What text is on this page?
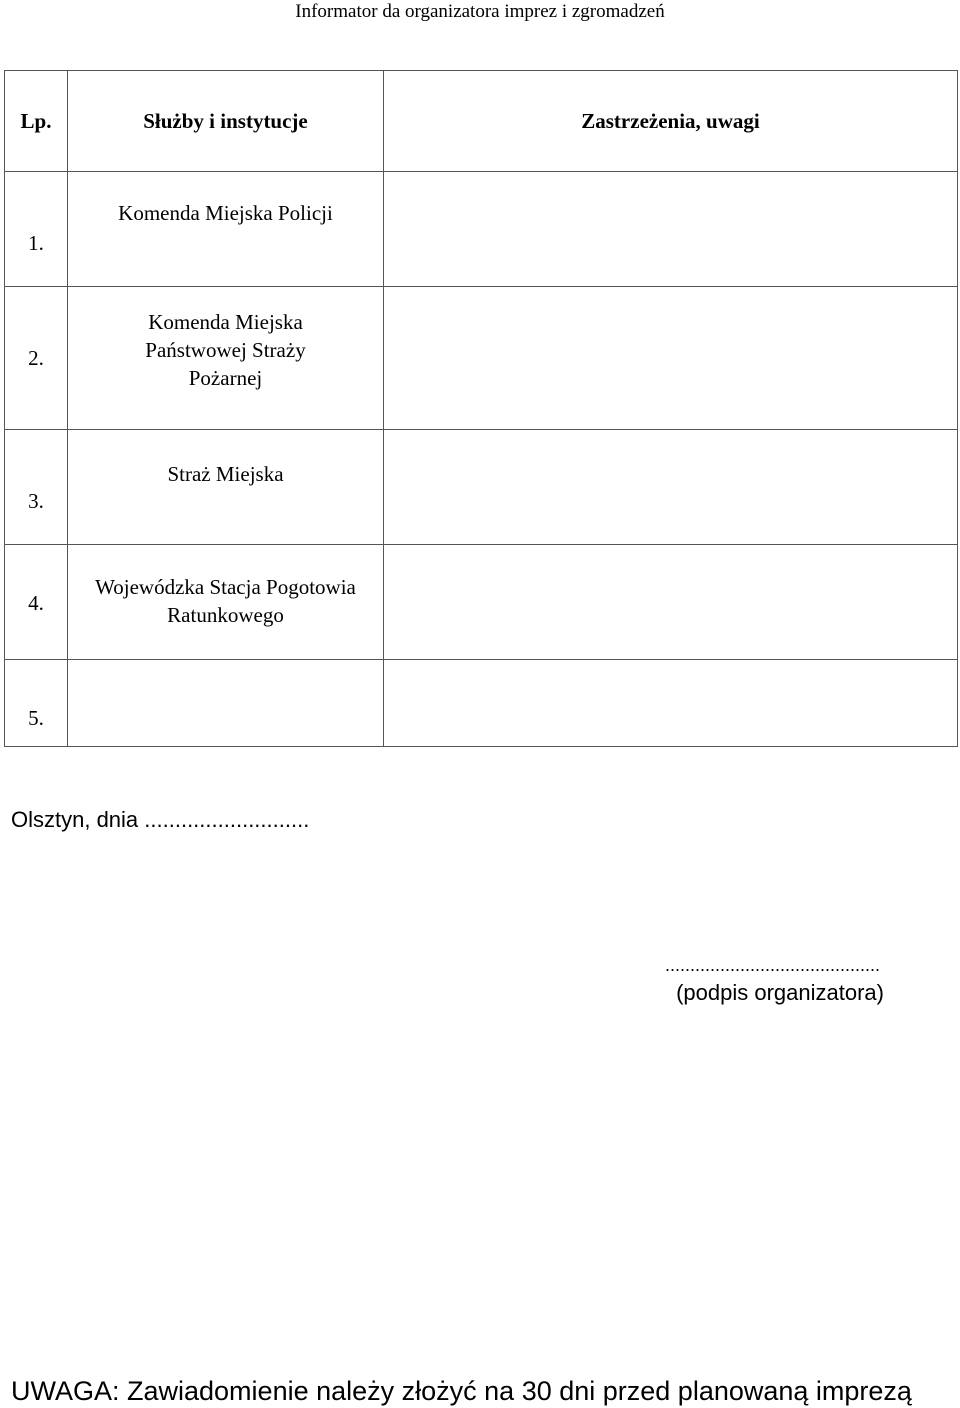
Informator da organizatora imprez i zgromadzeń
Lp.	Służby i instytucje	Zastrzeżenia, uwagi

1.	Komenda Miejska Policji	

2.	Komenda Miejska Państwowej Straży Pożarnej	

3.	Straż Miejska	

4.	Wojewódzka Stacja Pogotowia Ratunkowego	

5.		

Olsztyn, dnia ...........................
...........................................
(podpis organizatora)
UWAGA: Zawiadomienie należy złożyć na 30 dni przed planowaną imprezą
